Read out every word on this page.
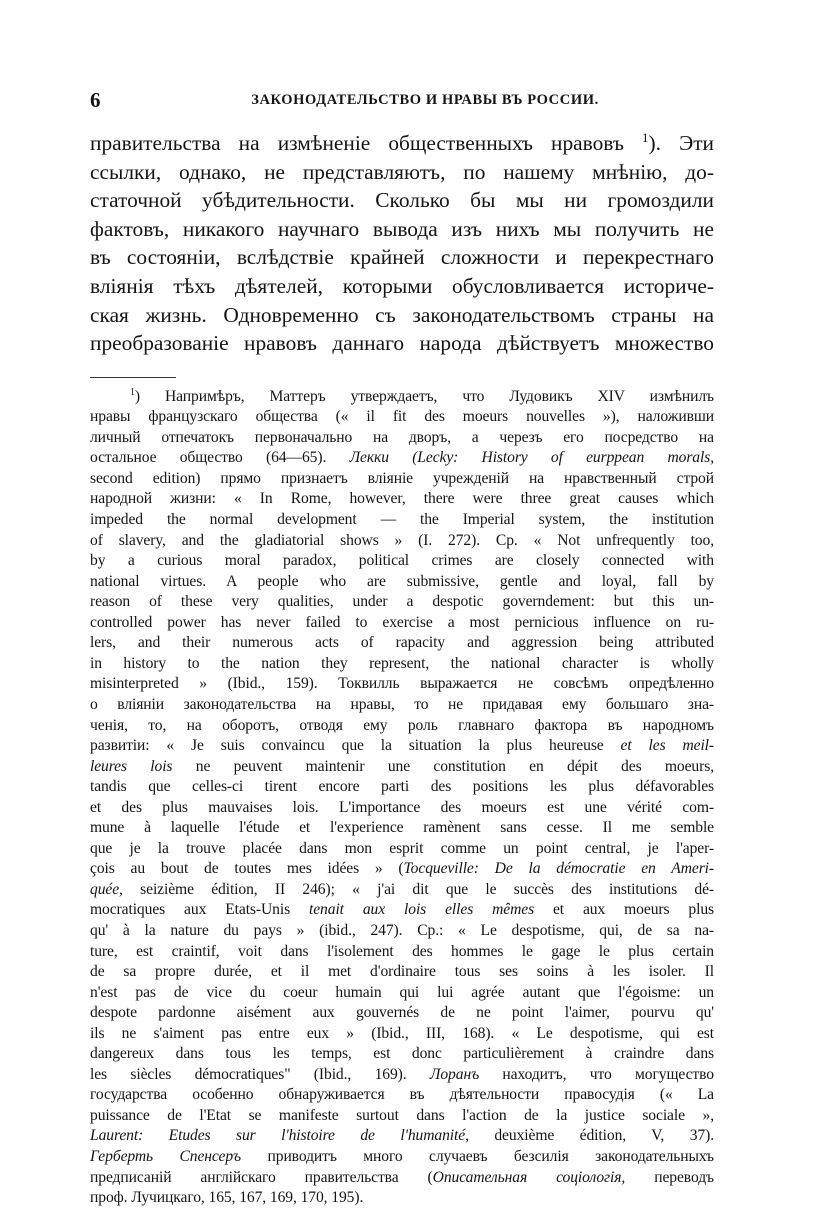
6	ЗАКОНОДАТЕЛЬСТВО И НРАВЫ ВЪ РОССИИ.
правительства на измѣненіе общественныхъ нравовъ $^1$). Эти
ссылки, однако, не представляютъ, по нашему мнѣнію, до-
статочной убѣдительности. Сколько бы мы ни громоздили
фактовъ, никакого научнаго вывода изъ нихъ мы получить не
въ состояніи, вслѣдствіе крайней сложности и перекрестнаго
вліянія тѣхъ дѣятелей, которыми обусловливается историче-
ская жизнь. Одновременно съ законодательствомъ страны на
преобразованіе нравовъ даннаго народа дѣйствуетъ множество
$^1$) Напримѣръ, Маттеръ утверждаетъ, что Лудовикъ XIV измѣнилъ
нравы французскаго общества (« il fit des moeurs nouvelles »), наложивши
личный отпечатокъ первоначально на дворъ, а черезъ его посредство на
остальное общество (64—65). Лекки (Lecky: History of eurppean morals,
second edition) прямо признаетъ вліяніе учрежденій на нравственный строй
народной жизни: « In Rome, however, there were three great causes which
impeded the normal development — the Imperial system, the institution
of slavery, and the gladiatorial shows » (I. 272). Cp. « Not unfrequently too,
by a curious moral paradox, political crimes are closely connected with
national virtues. A people who are submissive, gentle and loyal, fall by
reason of these very qualities, under a despotic governdement: but this un-
controlled power has never failed to exercise a most pernicious influence on ru-
lers, and their numerous acts of rapacity and aggression being attributed
in history to the nation they represent, the national character is wholly
misinterpreted » (Ibid., 159). Токвилль выражается не совсѣмъ опредѣленно
о вліяніи законодательства на нравы, то не придавая ему большаго зна-
ченія, то, на оборотъ, отводя ему роль главнаго фактора въ народномъ
развитіи: « Je suis convaincu que la situation la plus heureuse et les meil-
leures lois ne peuvent maintenir une constitution en dépit des moeurs,
tandis que celles-ci tirent encore parti des positions les plus défavorables
et des plus mauvaises lois. L'importance des moeurs est une vérité com-
mune à laquelle l'étude et l'experience ramènent sans cesse. Il me semble
que je la trouve placée dans mon esprit comme un point central, je l'aper-
çois au bout de toutes mes idées » (Tocqueville: De la démocratie en Ameri-
quée, seizième édition, II 246); « j'ai dit que le succès des institutions dé-
mocratiques aux Etats-Unis tenait aux lois elles mêmes et aux moeurs plus
qu' à la nature du pays » (ibid., 247). Cp.: « Le despotisme, qui, de sa na-
ture, est craintif, voit dans l'isolement des hommes le gage le plus certain
de sa propre durée, et il met d'ordinaire tous ses soins à les isoler. Il
n'est pas de vice du coeur humain qui lui agrée autant que l'égoisme: un
despote pardonne aisément aux gouvernés de ne point l'aimer, pourvu qu'
ils ne s'aiment pas entre eux » (Ibid., III, 168). « Le despotisme, qui est
dangereux dans tous les temps, est donc particulièrement à craindre dans
les siècles démocratiques" (Ibid., 169). Лоранъ находитъ, что могущество
государства особенно обнаруживается въ дѣятельности правосудія (« La
puissance de l'Etat se manifeste surtout dans l'action de la justice sociale »,
Laurent: Etudes sur l'histoire de l'humanité, deuxième édition, V, 37).
Герберть Спенсеръ приводитъ много случаевъ безсилія законодательныхъ
предписаній англійскаго правительства (Описательная соціологія, переводъ
проф. Лучицкаго, 165, 167, 169, 170, 195).
